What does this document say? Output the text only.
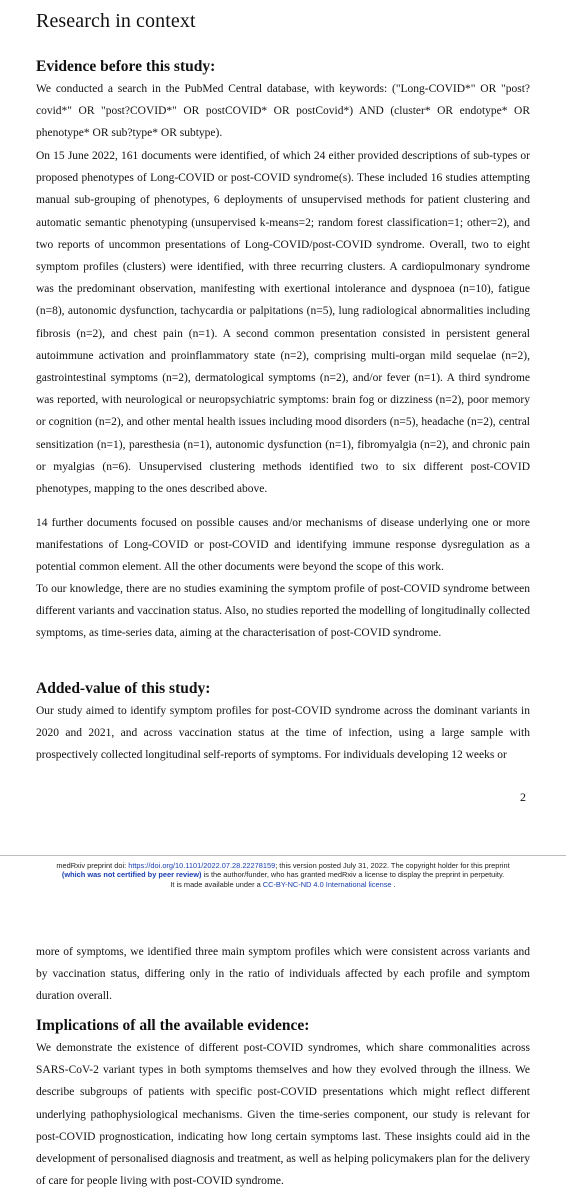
Research in context
Evidence before this study:

We conducted a search in the PubMed Central database, with keywords: ("Long-COVID*" OR "post?covid*" OR "post?COVID*" OR postCOVID* OR postCovid*) AND (cluster* OR endotype* OR phenotype* OR sub?type* OR subtype).

On 15 June 2022, 161 documents were identified, of which 24 either provided descriptions of sub-types or proposed phenotypes of Long-COVID or post-COVID syndrome(s). These included 16 studies attempting manual sub-grouping of phenotypes, 6 deployments of unsupervised methods for patient clustering and automatic semantic phenotyping (unsupervised k-means=2; random forest classification=1; other=2), and two reports of uncommon presentations of Long-COVID/post-COVID syndrome. Overall, two to eight symptom profiles (clusters) were identified, with three recurring clusters. A cardiopulmonary syndrome was the predominant observation, manifesting with exertional intolerance and dyspnoea (n=10), fatigue (n=8), autonomic dysfunction, tachycardia or palpitations (n=5), lung radiological abnormalities including fibrosis (n=2), and chest pain (n=1). A second common presentation consisted in persistent general autoimmune activation and proinflammatory state (n=2), comprising multi-organ mild sequelae (n=2), gastrointestinal symptoms (n=2), dermatological symptoms (n=2), and/or fever (n=1). A third syndrome was reported, with neurological or neuropsychiatric symptoms: brain fog or dizziness (n=2), poor memory or cognition (n=2), and other mental health issues including mood disorders (n=5), headache (n=2), central sensitization (n=1), paresthesia (n=1), autonomic dysfunction (n=1), fibromyalgia (n=2), and chronic pain or myalgias (n=6). Unsupervised clustering methods identified two to six different post-COVID phenotypes, mapping to the ones described above.

14 further documents focused on possible causes and/or mechanisms of disease underlying one or more manifestations of Long-COVID or post-COVID and identifying immune response dysregulation as a potential common element. All the other documents were beyond the scope of this work.

To our knowledge, there are no studies examining the symptom profile of post-COVID syndrome between different variants and vaccination status. Also, no studies reported the modelling of longitudinally collected symptoms, as time-series data, aiming at the characterisation of post-COVID syndrome.

Added-value of this study:

Our study aimed to identify symptom profiles for post-COVID syndrome across the dominant variants in 2020 and 2021, and across vaccination status at the time of infection, using a large sample with prospectively collected longitudinal self-reports of symptoms. For individuals developing 12 weeks or

2

medRxiv preprint doi: https://doi.org/10.1101/2022.07.28.22278159; this version posted July 31, 2022. The copyright holder for this preprint
(which was not certified by peer review) is the author/funder, who has granted medRxiv a license to display the preprint in perpetuity.
It is made available under a CC-BY-NC-ND 4.0 International license .

more of symptoms, we identified three main symptom profiles which were consistent across variants and by vaccination status, differing only in the ratio of individuals affected by each profile and symptom duration overall.

Implications of all the available evidence:

We demonstrate the existence of different post-COVID syndromes, which share commonalities across SARS-CoV-2 variant types in both symptoms themselves and how they evolved through the illness. We describe subgroups of patients with specific post-COVID presentations which might reflect different underlying pathophysiological mechanisms. Given the time-series component, our study is relevant for post-COVID prognostication, indicating how long certain symptoms last. These insights could aid in the development of personalised diagnosis and treatment, as well as helping policymakers plan for the delivery of care for people living with post-COVID syndrome.
